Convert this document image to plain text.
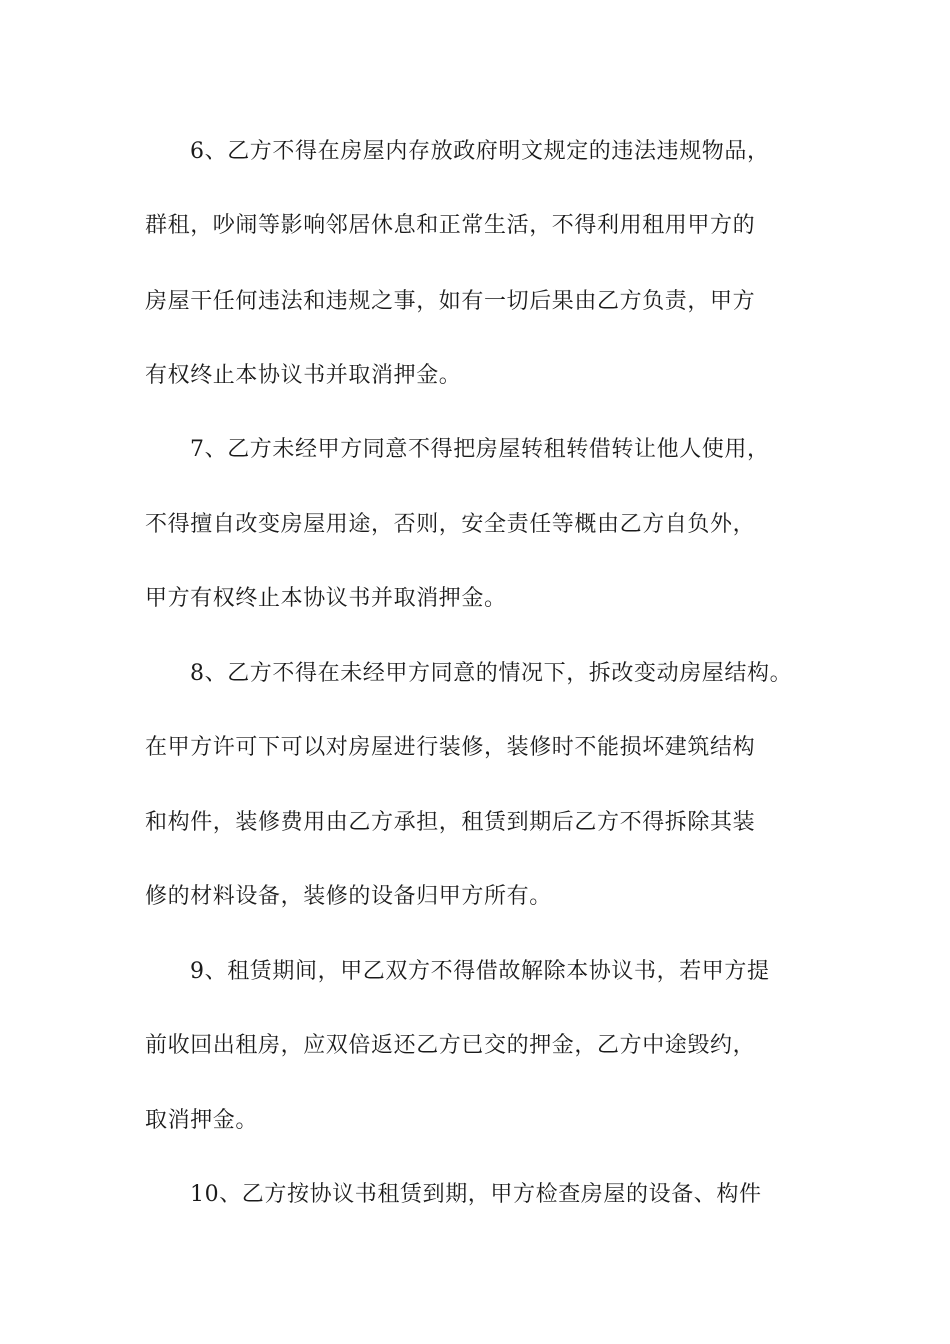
6、乙方不得在房屋内存放政府明文规定的违法违规物品，
群租，吵闹等影响邻居休息和正常生活，不得利用租用甲方的
房屋干任何违法和违规之事，如有一切后果由乙方负责，甲方
有权终止本协议书并取消押金。
7、乙方未经甲方同意不得把房屋转租转借转让他人使用，
不得擅自改变房屋用途，否则，安全责任等概由乙方自负外，
甲方有权终止本协议书并取消押金。
8、乙方不得在未经甲方同意的情况下，拆改变动房屋结构。
在甲方许可下可以对房屋进行装修，装修时不能损坏建筑结构
和构件，装修费用由乙方承担，租赁到期后乙方不得拆除其装
修的材料设备，装修的设备归甲方所有。
9、租赁期间，甲乙双方不得借故解除本协议书，若甲方提
前收回出租房，应双倍返还乙方已交的押金，乙方中途毁约，
取消押金。
10、乙方按协议书租赁到期，甲方检查房屋的设备、构件
